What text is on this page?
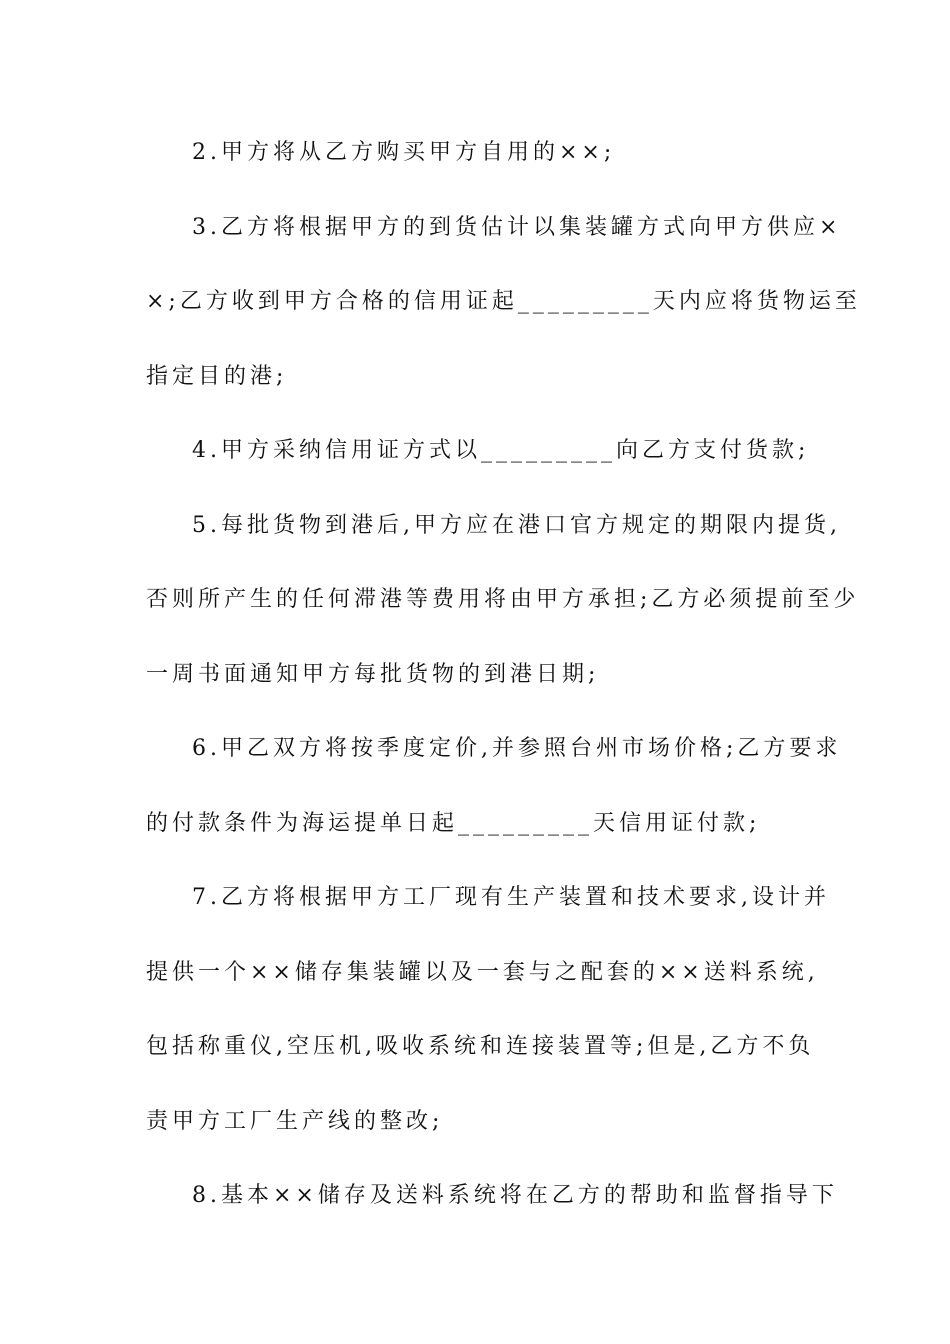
2.甲方将从乙方购买甲方自用的××;
3.乙方将根据甲方的到货估计以集装罐方式向甲方供应×
×;乙方收到甲方合格的信用证起_________天内应将货物运至
指定目的港;
4.甲方采纳信用证方式以_________向乙方支付货款;
5.每批货物到港后,甲方应在港口官方规定的期限内提货,
否则所产生的任何滞港等费用将由甲方承担;乙方必须提前至少
一周书面通知甲方每批货物的到港日期;
6.甲乙双方将按季度定价,并参照台州市场价格;乙方要求
的付款条件为海运提单日起_________天信用证付款;
7.乙方将根据甲方工厂现有生产装置和技术要求,设计并
提供一个××储存集装罐以及一套与之配套的××送料系统,
包括称重仪,空压机,吸收系统和连接装置等;但是,乙方不负
责甲方工厂生产线的整改;
8.基本××储存及送料系统将在乙方的帮助和监督指导下
